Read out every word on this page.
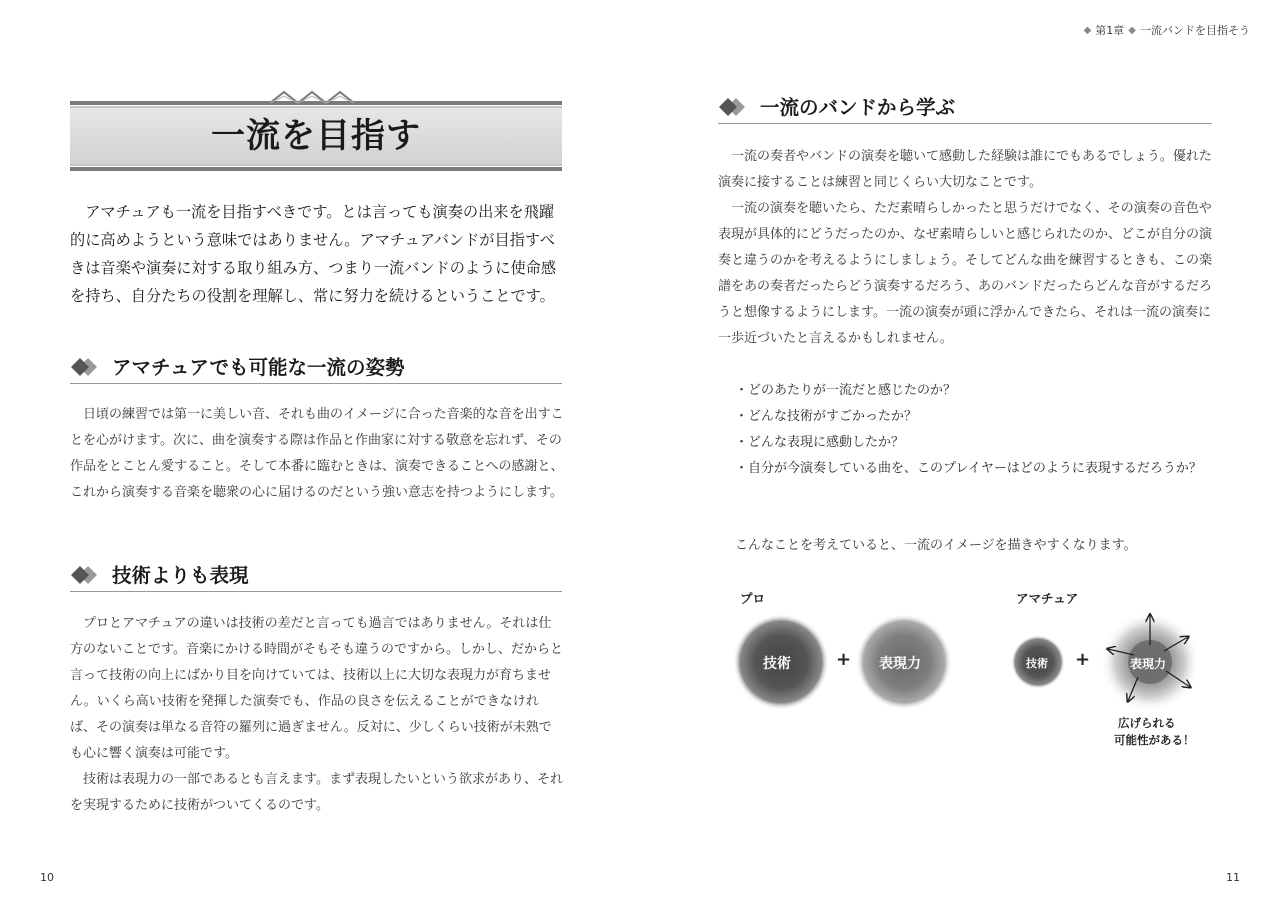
一流を目指す
アマチュアも一流を目指すべきです。とは言っても演奏の出来を飛躍的に高めようという意味ではありません。アマチュアバンドが目指すべきは音楽や演奏に対する取り組み方、つまり一流バンドのように使命感を持ち、自分たちの役割を理解し、常に努力を続けるということです。
アマチュアでも可能な一流の姿勢
日頃の練習では第一に美しい音、それも曲のイメージに合った音楽的な音を出すことを心がけます。次に、曲を演奏する際は作品と作曲家に対する敬意を忘れず、その作品をとことん愛すること。そして本番に臨むときは、演奏できることへの感謝と、これから演奏する音楽を聴衆の心に届けるのだという強い意志を持つようにします。
技術よりも表現

プロとアマチュアの違いは技術の差だと言っても過言ではありません。それは仕方のないことです。音楽にかける時間がそもそも違うのですから。しかし、だからと言って技術の向上にばかり目を向けていては、技術以上に大切な表現力が育ちません。いくら高い技術を発揮した演奏でも、作品の良さを伝えることができなければ、その演奏は単なる音符の羅列に過ぎません。反対に、少しくらい技術が未熟でも心に響く演奏は可能です。

技術は表現力の一部であるとも言えます。まず表現したいという欲求があり、それを実現するために技術がついてくるのです。

10
◆ 第1章 ◆ 一流バンドを目指そう
11
一流のバンドから学ぶ

一流の奏者やバンドの演奏を聴いて感動した経験は誰にでもあるでしょう。優れた演奏に接することは練習と同じくらい大切なことです。

一流の演奏を聴いたら、ただ素晴らしかったと思うだけでなく、その演奏の音色や表現が具体的にどうだったのか、なぜ素晴らしいと感じられたのか、どこが自分の演奏と違うのかを考えるようにしましょう。そしてどんな曲を練習するときも、この楽譜をあの奏者だったらどう演奏するだろう、あのバンドだったらどんな音がするだろうと想像するようにします。一流の演奏が頭に浮かんできたら、それは一流の演奏に一歩近づいたと言えるかもしれません。

・どのあたりが一流だと感じたのか？
・どんな技術がすごかったか？
・どんな表現に感動したか？
・自分が今演奏している曲を、このプレイヤーはどのように表現するだろうか？
こんなことを考えていると、一流のイメージを描きやすくなります。
プロ	アマチュア
技術	表現力	技術	表現力
+	+
広げられる
可能性がある！
